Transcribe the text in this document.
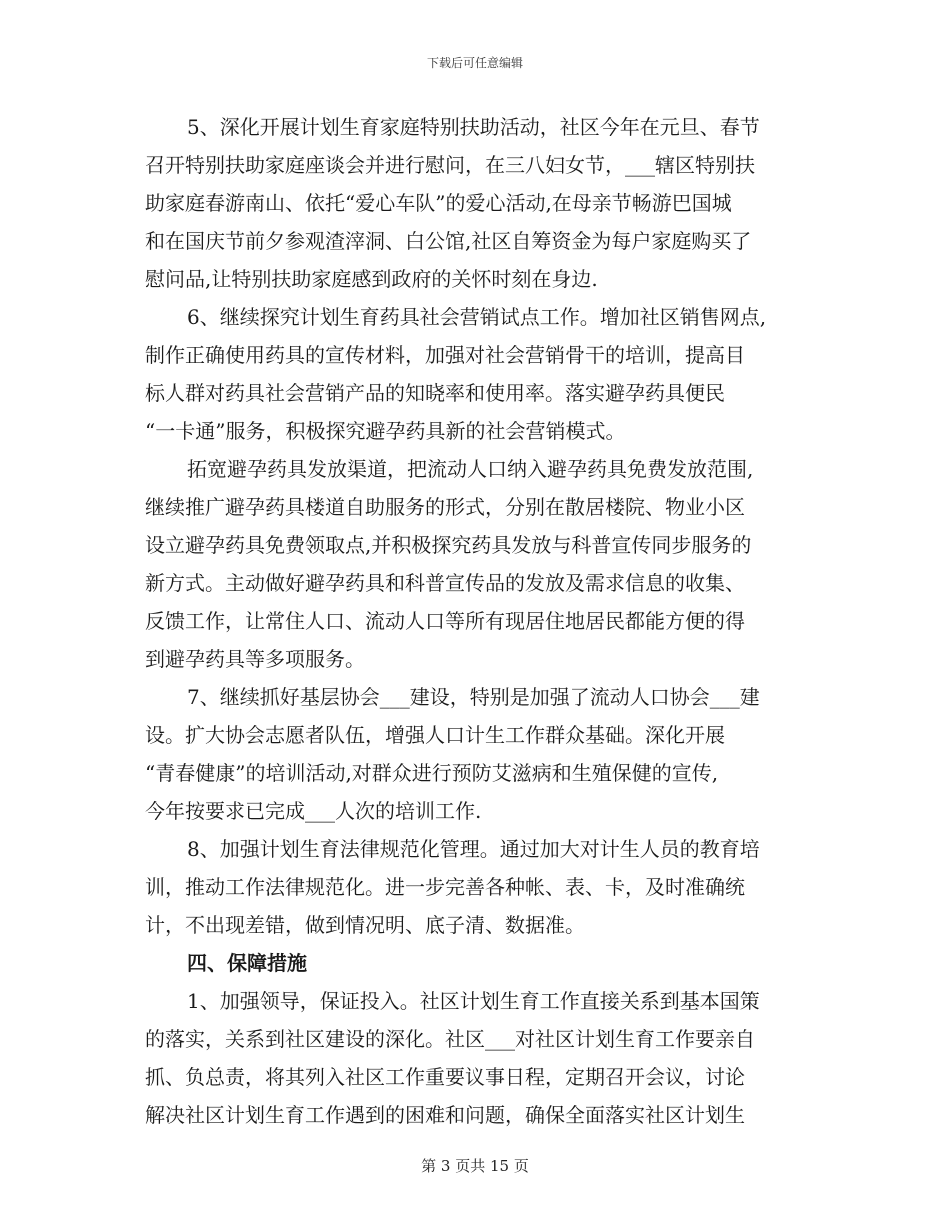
下载后可任意编辑
5、深化开展计划生育家庭特别扶助活动，社区今年在元旦、春节
召开特别扶助家庭座谈会并进行慰问，在三八妇女节，___辖区特别扶
助家庭春游南山、依托“爱心车队”的爱心活动,在母亲节畅游巴国城
和在国庆节前夕参观渣滓洞、白公馆,社区自筹资金为每户家庭购买了
慰问品,让特别扶助家庭感到政府的关怀时刻在身边.
6、继续探究计划生育药具社会营销试点工作。增加社区销售网点,
制作正确使用药具的宣传材料，加强对社会营销骨干的培训，提高目
标人群对药具社会营销产品的知晓率和使用率。落实避孕药具便民
“一卡通”服务，积极探究避孕药具新的社会营销模式。
拓宽避孕药具发放渠道，把流动人口纳入避孕药具免费发放范围,
继续推广避孕药具楼道自助服务的形式，分别在散居楼院、物业小区
设立避孕药具免费领取点,并积极探究药具发放与科普宣传同步服务的
新方式。主动做好避孕药具和科普宣传品的发放及需求信息的收集、
反馈工作，让常住人口、流动人口等所有现居住地居民都能方便的得
到避孕药具等多项服务。
7、继续抓好基层协会___建设，特别是加强了流动人口协会___建
设。扩大协会志愿者队伍，增强人口计生工作群众基础。深化开展
“青春健康”的培训活动,对群众进行预防艾滋病和生殖保健的宣传,
今年按要求已完成___人次的培训工作.
8、加强计划生育法律规范化管理。通过加大对计生人员的教育培
训，推动工作法律规范化。进一步完善各种帐、表、卡，及时准确统
计，不出现差错，做到情况明、底子清、数据准。
四、保障措施
1、加强领导，保证投入。社区计划生育工作直接关系到基本国策
的落实，关系到社区建设的深化。社区___对社区计划生育工作要亲自
抓、负总责，将其列入社区工作重要议事日程，定期召开会议，讨论
解决社区计划生育工作遇到的困难和问题，确保全面落实社区计划生
第 3 页共 15 页
